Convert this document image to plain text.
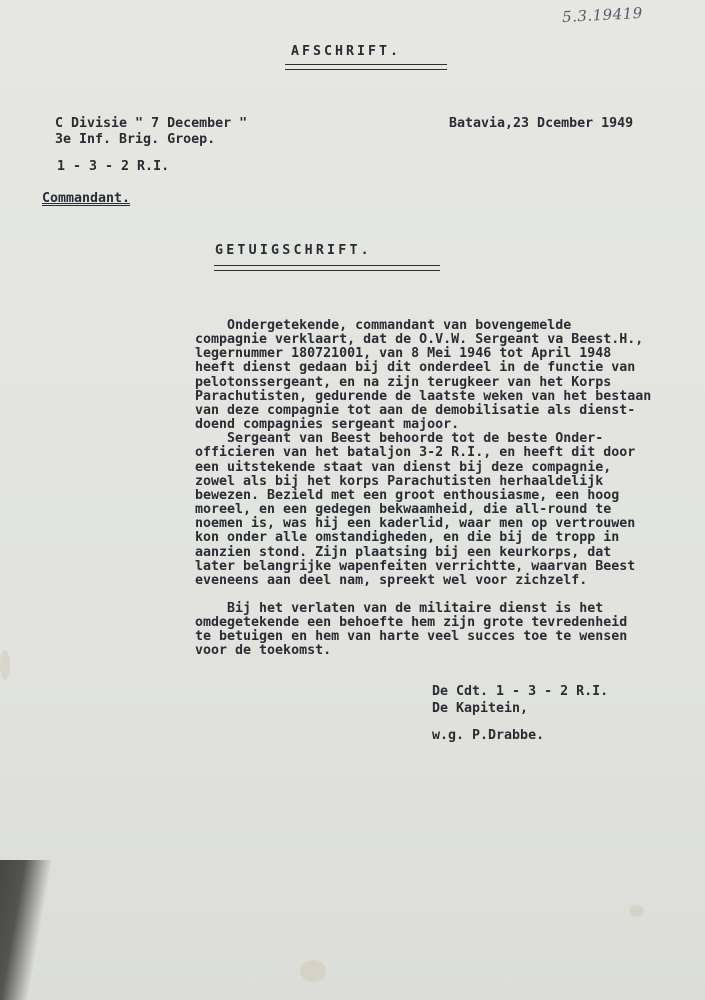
5.3.19419
AFSCHRIFT.
C Divisie " 7 December "
3e Inf. Brig. Groep.
Batavia,23 Dcember 1949
1 - 3 - 2 R.I.
Commandant.
GETUIGSCHRIFT.
Ondergetekende, commandant van bovengemelde
compagnie verklaart, dat de O.V.W. Sergeant va Beest.H.,
legernummer 180721001, van 8 Mei 1946 tot April 1948
heeft dienst gedaan bij dit onderdeel in de functie van
pelotonssergeant, en na zijn terugkeer van het Korps
Parachutisten, gedurende de laatste weken van het bestaan
van deze compagnie tot aan de demobilisatie als dienst-
doend compagnies sergeant majoor.
Sergeant van Beest behoorde tot de beste Onder-
officieren van het bataljon 3-2 R.I., en heeft dit door
een uitstekende staat van dienst bij deze compagnie,
zowel als bij het korps Parachutisten herhaaldelijk
bewezen. Bezield met een groot enthousiasme, een hoog
moreel, en een gedegen bekwaamheid, die all-round te
noemen is, was hij een kaderlid, waar men op vertrouwen
kon onder alle omstandigheden, en die bij de tropp in
aanzien stond. Zijn plaatsing bij een keurkorps, dat
later belangrijke wapenfeiten verrichtte, waarvan Beest
eveneens aan deel nam, spreekt wel voor zichzelf.
Bij het verlaten van de militaire dienst is het
omdegetekende een behoefte hem zijn grote tevredenheid
te betuigen en hem van harte veel succes toe te wensen
voor de toekomst.
De Cdt. 1 - 3 - 2 R.I.
De Kapitein,
w.g. P.Drabbe.
